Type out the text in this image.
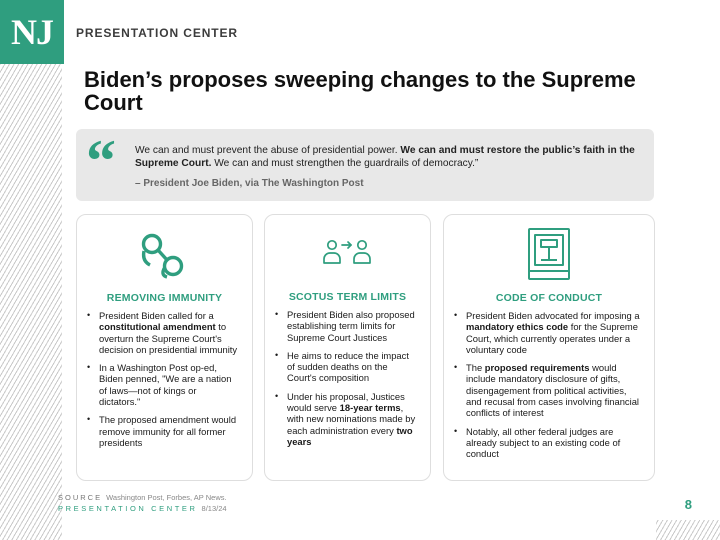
NJ	PRESENTATION CENTER
Biden’s proposes sweeping changes to the Supreme Court
“ We can and must prevent the abuse of presidential power. We can and must restore the public’s faith in the Supreme Court. We can and must strengthen the guardrails of democracy.”

– President Joe Biden, via The Washington Post
REMOVING IMMUNITY
• President Biden called for a constitutional amendment to overturn the Supreme Court's decision on presidential immunity
• In a Washington Post op-ed, Biden penned, "We are a nation of laws—not of kings or dictators."
• The proposed amendment would remove immunity for all former presidents
SCOTUS TERM LIMITS
• President Biden also proposed establishing term limits for Supreme Court Justices
• He aims to reduce the impact of sudden deaths on the Court's composition
• Under his proposal, Justices would serve 18-year terms, with new nominations made by each administration every two years
CODE OF CONDUCT
• President Biden advocated for imposing a mandatory ethics code for the Supreme Court, which currently operates under a voluntary code
• The proposed requirements would include mandatory disclosure of gifts, disengagement from political activities, and recusal from cases involving financial conflicts of interest
• Notably, all other federal judges are already subject to an existing code of conduct
SOURCE Washington Post, Forbes, AP News.
PRESENTATION CENTER 8/13/24	8
